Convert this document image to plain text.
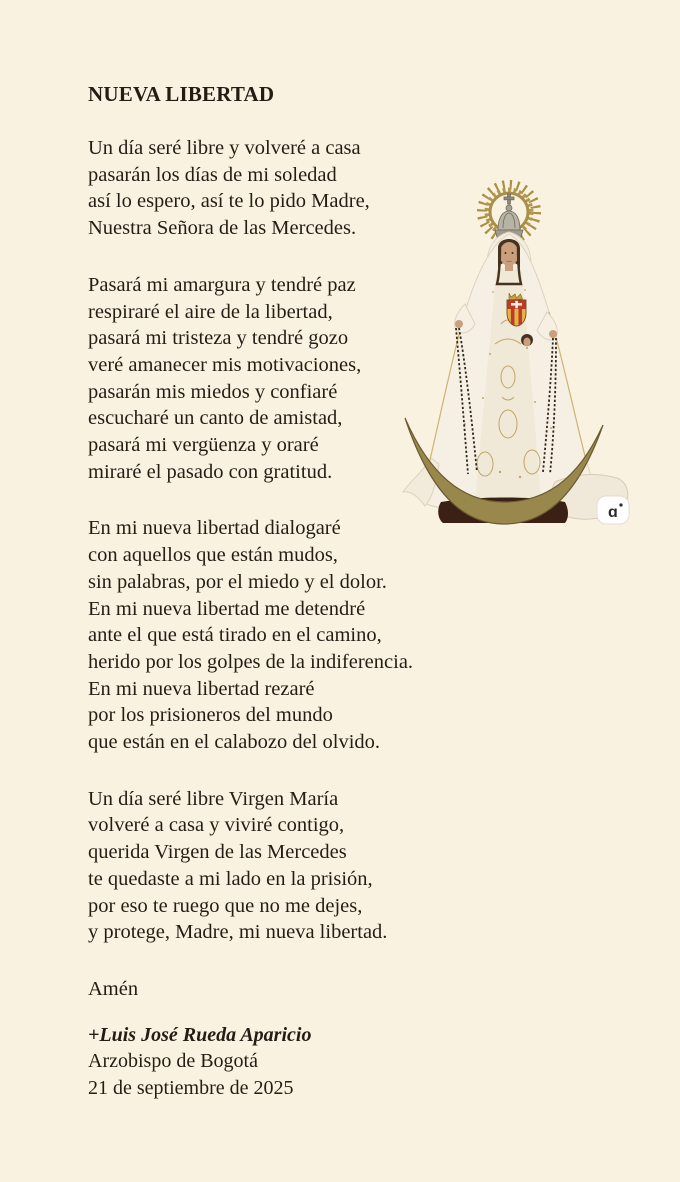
NUEVA LIBERTAD
Un día seré libre y volveré a casa
pasarán los días de mi soledad
así lo espero, así te lo pido Madre,
Nuestra Señora de las Mercedes.
Pasará mi amargura y tendré paz
respiraré el aire de la libertad,
pasará mi tristeza y tendré gozo
veré amanecer mis motivaciones,
pasarán mis miedos y confiaré
escucharé un canto de amistad,
pasará mi vergüenza y oraré
miraré el pasado con gratitud.
En mi nueva libertad dialogaré
con aquellos que están mudos,
sin palabras, por el miedo y el dolor.
En mi nueva libertad me detendré
ante el que está tirado en el camino,
herido por los golpes de la indiferencia.
En mi nueva libertad rezaré
por los prisioneros del mundo
que están en el calabozo del olvido.
Un día seré libre Virgen María
volveré a casa y viviré contigo,
querida Virgen de las Mercedes
te quedaste a mi lado en la prisión,
por eso te ruego que no me dejes,
y protege, Madre, mi nueva libertad.
Amén
+Luis José Rueda Aparicio
Arzobispo de Bogotá
21 de septiembre de 2025
ɑ
